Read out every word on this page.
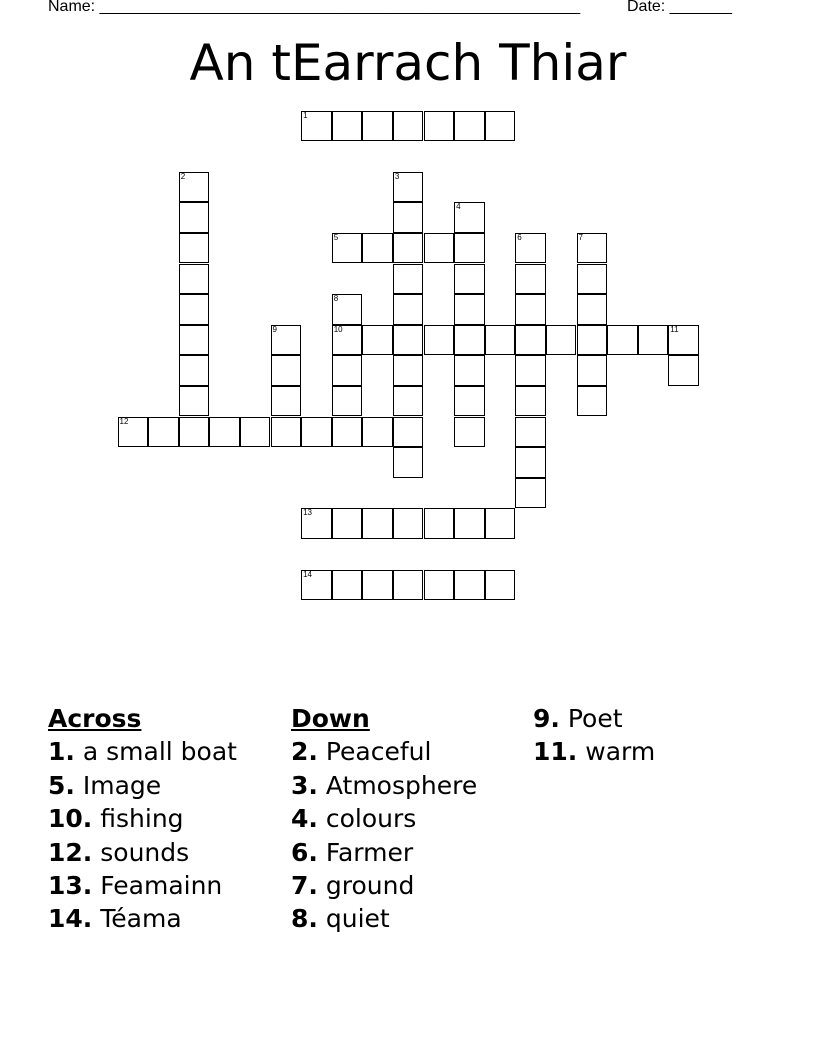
Name: ______________________________________________________	Date: _______
An tEarrach Thiar
1
2	3
4
5	6	7
8
10
9	11
12
13
14
Across
1. a small boat
5. Image
10. fishing
12. sounds
13. Feamainn
14. Téama
Down
2. Peaceful
3. Atmosphere
4. colours
6. Farmer
7. ground
8. quiet
9. Poet
11. warm
